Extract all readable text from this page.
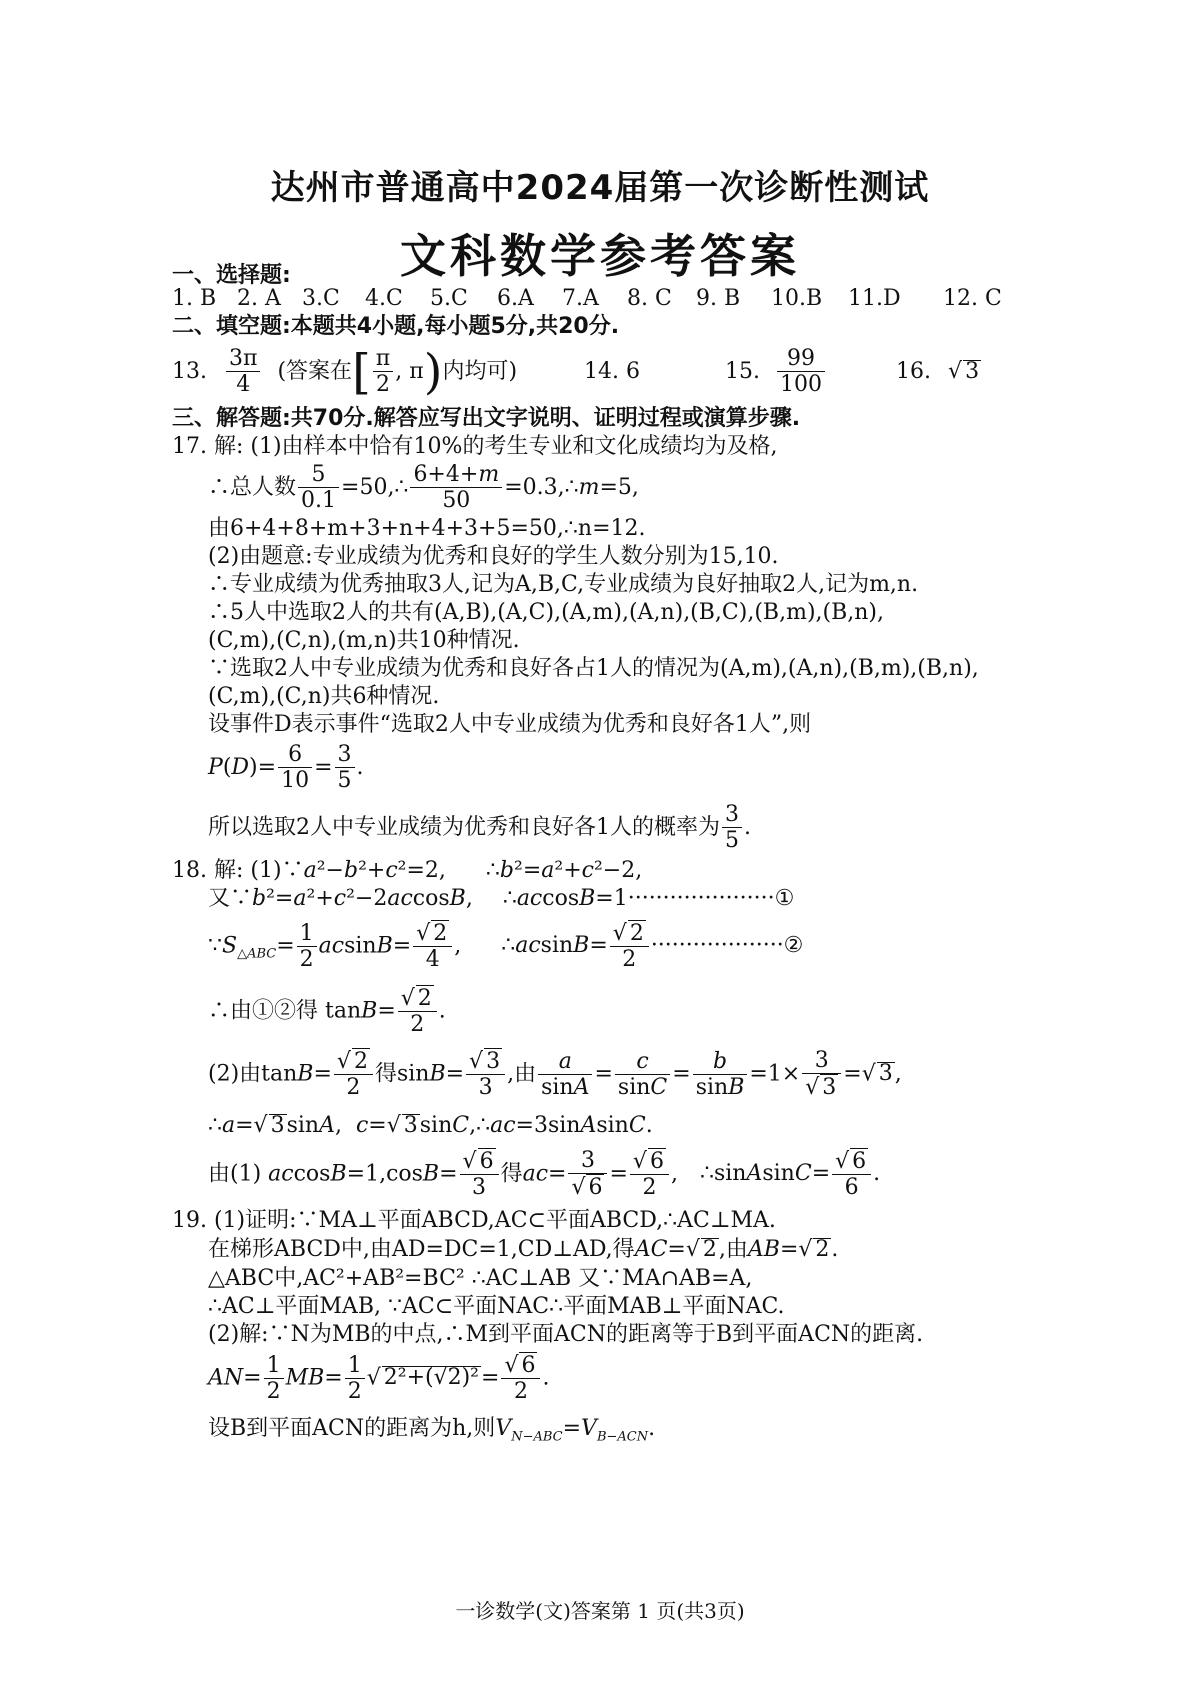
达州市普通高中2024届第一次诊断性测试
文科数学参考答案
一、选择题:
1. B 2. A 3.C 4.C 5.C 6.A 7.A 8. C 9. B 10.B 11.D 12. C
二、填空题:本题共4小题,每小题5分,共20分.
13. $\frac{3\pi}{4}$ (答案在[ $\frac{\pi}{2}$ , π)内均可)	14. 6	15. $\frac{99}{100}$	16. √ 3
三、解答题:共70分.解答应写出文字说明、证明过程或演算步骤.
17. 解: (1)由样本中恰有10%的考生专业和文化成绩均为及格,
∴总人数 $\frac{5}{0.1}$ =50,∴ $\frac{6+4+m}{50}$ =0.3,∴m=5,
由6+4+8+m+3+n+4+3+5=50,∴n=12.
(2)由题意:专业成绩为优秀和良好的学生人数分别为15,10.
∴专业成绩为优秀抽取3人,记为A,B,C,专业成绩为良好抽取2人,记为m,n.
∴5人中选取2人的共有(A,B),(A,C),(A,m),(A,n),(B,C),(B,m),(B,n),
(C,m),(C,n),(m,n)共10种情况.
∵选取2人中专业成绩为优秀和良好各占1人的情况为(A,m),(A,n),(B,m),(B,n),
(C,m),(C,n)共6种情况.
设事件D表示事件“选取2人中专业成绩为优秀和良好各1人”,则
$P(D)= \frac{6}{10} = \frac{3}{5}$ .
所以选取2人中专业成绩为优秀和良好各1人的概率为 $\frac{3}{5}$ .
18. 解: (1)∵a²−b²+c²=2, ∴b²=a²+c²−2,
又∵b²=a²+c²−2accosB, ∴accosB=1·····················①
$\because S_{\triangle ABC}= \frac{1}{2} acsinB= \frac{√ 2}{4}$ , ∴acsinB= $\frac{√ 2}{2}$ ···················②
∴由①②得 $\tan B= \frac{√ 2}{2}$ .
(2)由$\tan B= \frac{√ 2}{2}$ 得$\sin B= \frac{√ 3}{3}$ ,由 $\frac{a}{\sin A} = \frac{c}{\sin C} = \frac{b}{\sin B} =1\times \frac{3}{√ 3}$ =√ 3,
∴a=√ 3sinA, c=√ 3sinC,∴ac=3sinAsinC.
由(1) $accosB=1,\cos B= \frac{√ 6}{3}$ 得$ac= \frac{3}{√ 6} = \frac{√ 6}{2}$ , ∴sinAsinC= $\frac{√ 6}{6}$ .
19. (1)证明:∵MA⊥平面ABCD,AC⊂平面ABCD,∴AC⊥MA.
在梯形ABCD中,由AD=DC=1,CD⊥AD,得AC=√ 2,由AB=√ 2.
△ABC中,AC²+AB²=BC² ∴AC⊥AB 又∵MA∩AB=A,
∴AC⊥平面MAB, ∵AC⊂平面NAC∴平面MAB⊥平面NAC.
(2)解:∵N为MB的中点,∴M到平面ACN的距离等于B到平面ACN的距离.
$AN= \frac{1}{2} MB= \frac{1}{2}$ √ $2^2+(√2)^2= \frac{√ 6}{2}$ .
设B到平面ACN的距离为h,则$V_{N-ABC}=V_{B-ACN}$.
一诊数学(文)答案第 1 页(共3页)
